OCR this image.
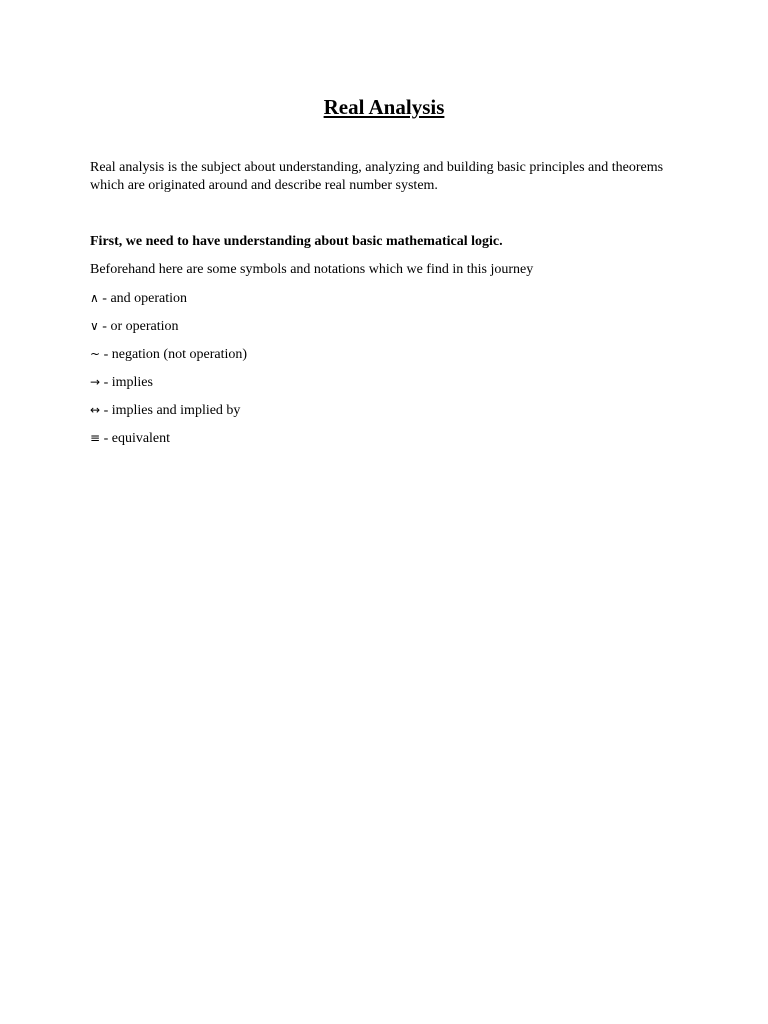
Real Analysis

Real analysis is the subject about understanding, analyzing and building basic principles and theorems
which are originated around and describe real number system.

First, we need to have understanding about basic mathematical logic.

Beforehand here are some symbols and notations which we find in this journey

∧ - and operation
∨ - or operation
~ - negation (not operation)
→ - implies
↔ - implies and implied by
≡ - equivalent
